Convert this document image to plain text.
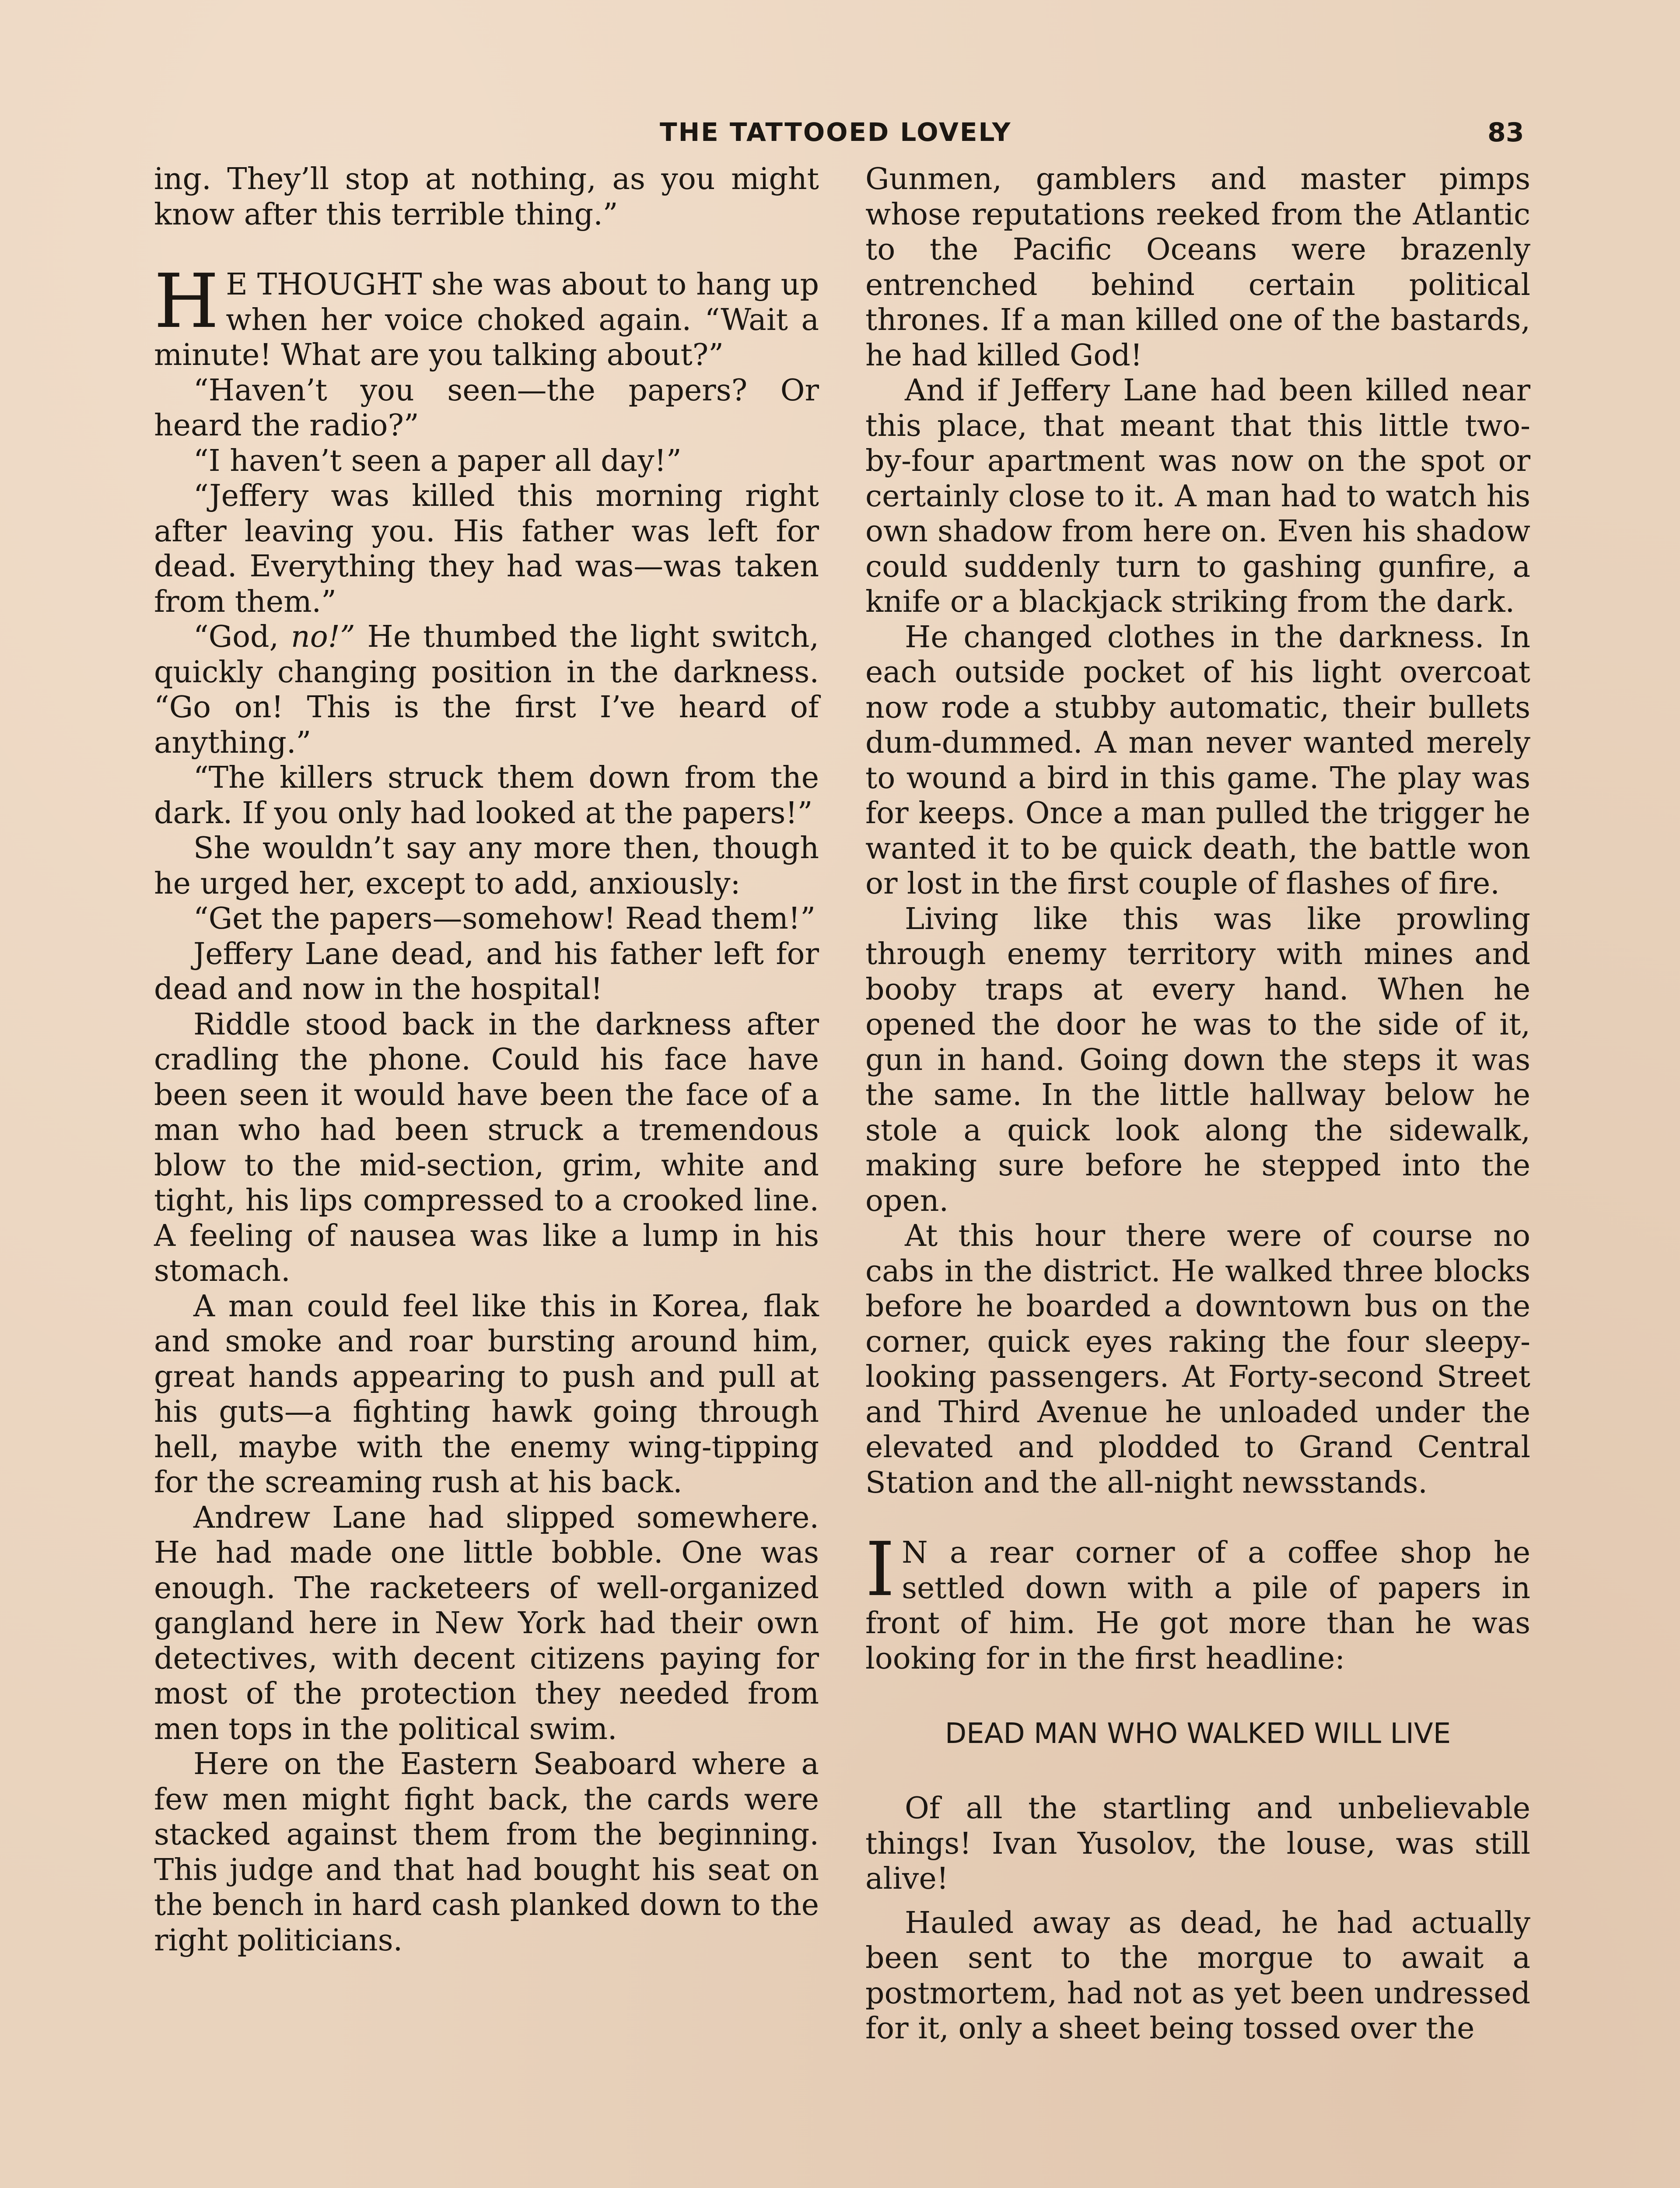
THE TATTOOED LOVELY	83

ing. They’ll stop at nothing, as you might know after this terrible thing.”

H E THOUGHT she was about to hang up when her voice choked again. “Wait a minute! What are you talking about?”

“Haven’t you seen—the papers? Or heard the radio?”

“I haven’t seen a paper all day!”

“Jeffery was killed this morning right after leaving you. His father was left for dead. Everything they had was—was taken from them.”

“God, no!” He thumbed the light switch, quickly changing position in the darkness. “Go on! This is the first I’ve heard of anything.”

“The killers struck them down from the dark. If you only had looked at the papers!”

She wouldn’t say any more then, though he urged her, except to add, anxiously:

“Get the papers—somehow! Read them!”

Jeffery Lane dead, and his father left for dead and now in the hospital!

Riddle stood back in the darkness after cradling the phone. Could his face have been seen it would have been the face of a man who had been struck a tremendous blow to the mid-section, grim, white and tight, his lips compressed to a crooked line. A feeling of nausea was like a lump in his stomach.

A man could feel like this in Korea, flak and smoke and roar bursting around him, great hands appearing to push and pull at his guts—a fighting hawk going through hell, maybe with the enemy wing-tipping for the screaming rush at his back.

Andrew Lane had slipped somewhere. He had made one little bobble. One was enough. The racketeers of well-organized gangland here in New York had their own detectives, with decent citizens paying for most of the protection they needed from men tops in the political swim.

Here on the Eastern Seaboard where a few men might fight back, the cards were stacked against them from the beginning. This judge and that had bought his seat on the bench in hard cash planked down to the right politicians.

Gunmen, gamblers and master pimps whose reputations reeked from the Atlantic to the Pacific Oceans were brazenly entrenched behind certain political thrones. If a man killed one of the bastards, he had killed God!

And if Jeffery Lane had been killed near this place, that meant that this little two-by-four apartment was now on the spot or certainly close to it. A man had to watch his own shadow from here on. Even his shadow could suddenly turn to gashing gunfire, a knife or a blackjack striking from the dark.

He changed clothes in the darkness. In each outside pocket of his light overcoat now rode a stubby automatic, their bullets dum-dummed. A man never wanted merely to wound a bird in this game. The play was for keeps. Once a man pulled the trigger he wanted it to be quick death, the battle won or lost in the first couple of flashes of fire.

Living like this was like prowling through enemy territory with mines and booby traps at every hand. When he opened the door he was to the side of it, gun in hand. Going down the steps it was the same. In the little hallway below he stole a quick look along the sidewalk, making sure before he stepped into the open.

At this hour there were of course no cabs in the district. He walked three blocks before he boarded a downtown bus on the corner, quick eyes raking the four sleepy-looking passengers. At Forty-second Street and Third Avenue he unloaded under the elevated and plodded to Grand Central Station and the all-night newsstands.

I N a rear corner of a coffee shop he settled down with a pile of papers in front of him. He got more than he was looking for in the first headline:

DEAD MAN WHO WALKED WILL LIVE

Of all the startling and unbelievable things! Ivan Yusolov, the louse, was still alive!

Hauled away as dead, he had actually been sent to the morgue to await a postmortem, had not as yet been undressed for it, only a sheet being tossed over the
